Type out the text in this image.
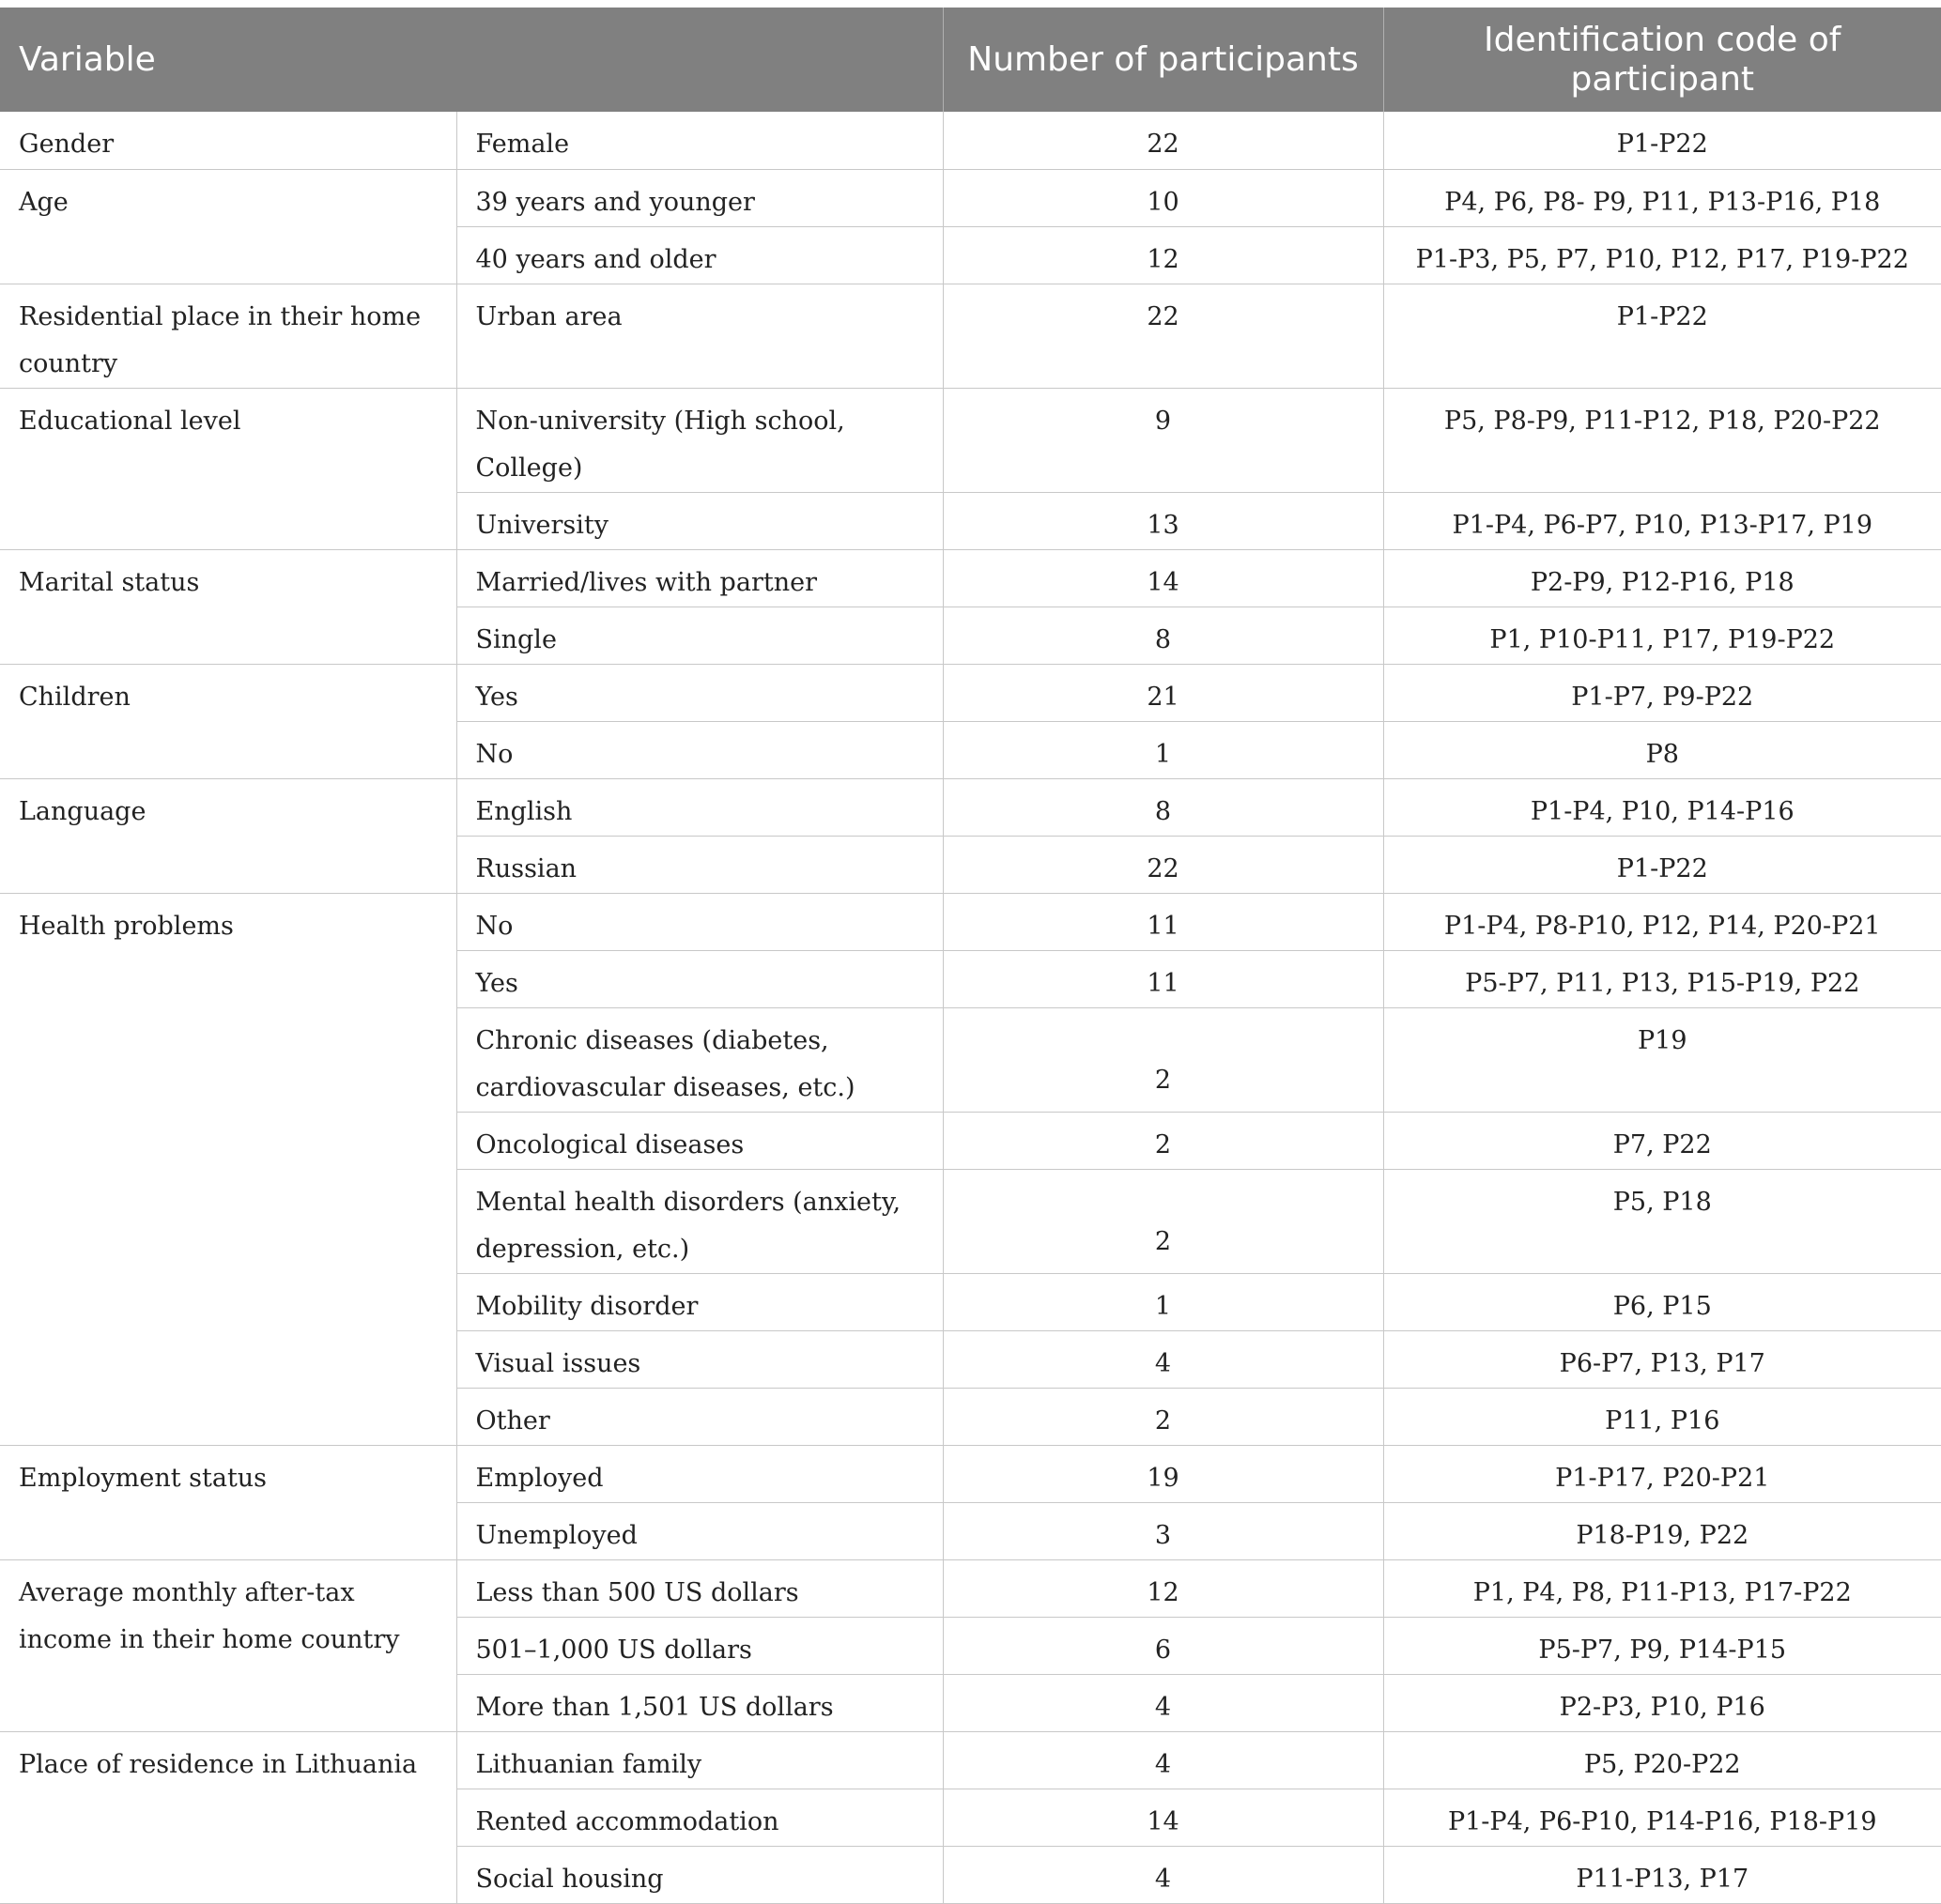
Variable		Number of participants	Identification code of participant
Gender	Female	22	P1-P22
Age	39 years and younger	10	P4, P6, P8- P9, P11, P13-P16, P18
	40 years and older	12	P1-P3, P5, P7, P10, P12, P17, P19-P22
Residential place in their home country	Urban area	22	P1-P22
Educational level	Non-university (High school, College)	9	P5, P8-P9, P11-P12, P18, P20-P22
	University	13	P1-P4, P6-P7, P10, P13-P17, P19
Marital status	Married/lives with partner	14	P2-P9, P12-P16, P18
	Single	8	P1, P10-P11, P17, P19-P22
Children	Yes	21	P1-P7, P9-P22
	No	1	P8
Language	English	8	P1-P4, P10, P14-P16
	Russian	22	P1-P22
Health problems	No	11	P1-P4, P8-P10, P12, P14, P20-P21
	Yes	11	P5-P7, P11, P13, P15-P19, P22
	Chronic diseases (diabetes, cardiovascular diseases, etc.)	2	P19
	Oncological diseases	2	P7, P22
	Mental health disorders (anxiety, depression, etc.)	2	P5, P18
	Mobility disorder	1	P6, P15
	Visual issues	4	P6-P7, P13, P17
	Other	2	P11, P16
Employment status	Employed	19	P1-P17, P20-P21
	Unemployed	3	P18-P19, P22
Average monthly after-tax income in their home country	Less than 500 US dollars	12	P1, P4, P8, P11-P13, P17-P22
	501–1,000 US dollars	6	P5-P7, P9, P14-P15
	More than 1,501 US dollars	4	P2-P3, P10, P16
Place of residence in Lithuania	Lithuanian family	4	P5, P20-P22
	Rented accommodation	14	P1-P4, P6-P10, P14-P16, P18-P19
	Social housing	4	P11-P13, P17
